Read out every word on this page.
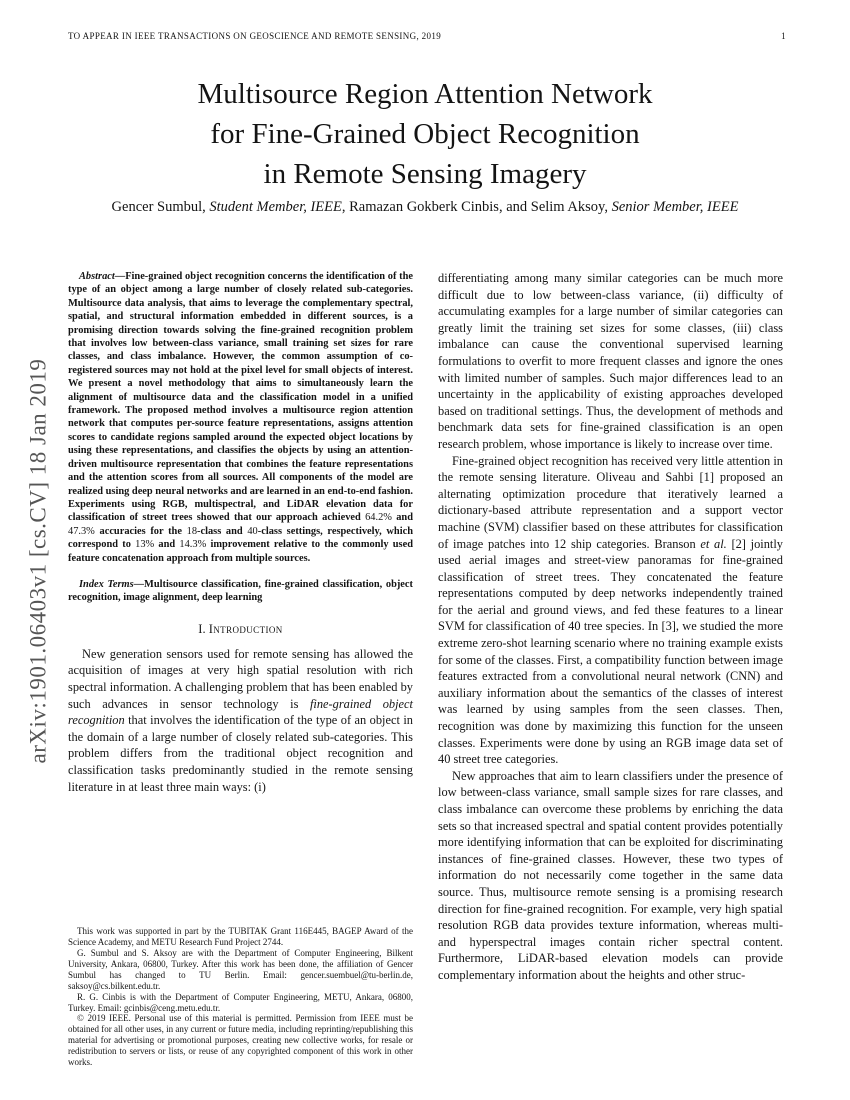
TO APPEAR IN IEEE TRANSACTIONS ON GEOSCIENCE AND REMOTE SENSING, 2019	1
arXiv:1901.06403v1 [cs.CV] 18 Jan 2019
Multisource Region Attention Network
for Fine-Grained Object Recognition
in Remote Sensing Imagery
Gencer Sumbul, Student Member, IEEE, Ramazan Gokberk Cinbis, and Selim Aksoy, Senior Member, IEEE

Abstract—Fine-grained object recognition concerns the identification of the type of an object among a large number of closely related sub-categories. Multisource data analysis, that aims to leverage the complementary spectral, spatial, and structural information embedded in different sources, is a promising direction towards solving the fine-grained recognition problem that involves low between-class variance, small training set sizes for rare classes, and class imbalance. However, the common assumption of co-registered sources may not hold at the pixel level for small objects of interest. We present a novel methodology that aims to simultaneously learn the alignment of multisource data and the classification model in a unified framework. The proposed method involves a multisource region attention network that computes per-source feature representations, assigns attention scores to candidate regions sampled around the expected object locations by using these representations, and classifies the objects by using an attention-driven multisource representation that combines the feature representations and the attention scores from all sources. All components of the model are realized using deep neural networks and are learned in an end-to-end fashion. Experiments using RGB, multispectral, and LiDAR elevation data for classification of street trees showed that our approach achieved 64.2% and 47.3% accuracies for the 18-class and 40-class settings, respectively, which correspond to 13% and 14.3% improvement relative to the commonly used feature concatenation approach from multiple sources.

Index Terms—Multisource classification, fine-grained classification, object recognition, image alignment, deep learning

I. Introduction

New generation sensors used for remote sensing has allowed the acquisition of images at very high spatial resolution with rich spectral information. A challenging problem that has been enabled by such advances in sensor technology is fine-grained object recognition that involves the identification of the type of an object in the domain of a large number of closely related sub-categories. This problem differs from the traditional object recognition and classification tasks predominantly studied in the remote sensing literature in at least three main ways: (i)

This work was supported in part by the TUBITAK Grant 116E445, BAGEP Award of the Science Academy, and METU Research Fund Project 2744.

G. Sumbul and S. Aksoy are with the Department of Computer Engineering, Bilkent University, Ankara, 06800, Turkey. After this work has been done, the affiliation of Gencer Sumbul has changed to TU Berlin. Email: gencer.suembuel@tu-berlin.de, saksoy@cs.bilkent.edu.tr.

R. G. Cinbis is with the Department of Computer Engineering, METU, Ankara, 06800, Turkey. Email: gcinbis@ceng.metu.edu.tr.

© 2019 IEEE. Personal use of this material is permitted. Permission from IEEE must be obtained for all other uses, in any current or future media, including reprinting/republishing this material for advertising or promotional purposes, creating new collective works, for resale or redistribution to servers or lists, or reuse of any copyrighted component of this work in other works.

differentiating among many similar categories can be much more difficult due to low between-class variance, (ii) difficulty of accumulating examples for a large number of similar categories can greatly limit the training set sizes for some classes, (iii) class imbalance can cause the conventional supervised learning formulations to overfit to more frequent classes and ignore the ones with limited number of samples. Such major differences lead to an uncertainty in the applicability of existing approaches developed based on traditional settings. Thus, the development of methods and benchmark data sets for fine-grained classification is an open research problem, whose importance is likely to increase over time.

Fine-grained object recognition has received very little attention in the remote sensing literature. Oliveau and Sahbi [1] proposed an alternating optimization procedure that iteratively learned a dictionary-based attribute representation and a support vector machine (SVM) classifier based on these attributes for classification of image patches into 12 ship categories. Branson et al. [2] jointly used aerial images and street-view panoramas for fine-grained classification of street trees. They concatenated the feature representations computed by deep networks independently trained for the aerial and ground views, and fed these features to a linear SVM for classification of 40 tree species. In [3], we studied the more extreme zero-shot learning scenario where no training example exists for some of the classes. First, a compatibility function between image features extracted from a convolutional neural network (CNN) and auxiliary information about the semantics of the classes of interest was learned by using samples from the seen classes. Then, recognition was done by maximizing this function for the unseen classes. Experiments were done by using an RGB image data set of 40 street tree categories.

New approaches that aim to learn classifiers under the presence of low between-class variance, small sample sizes for rare classes, and class imbalance can overcome these problems by enriching the data sets so that increased spectral and spatial content provides potentially more identifying information that can be exploited for discriminating instances of fine-grained classes. However, these two types of information do not necessarily come together in the same data source. Thus, multisource remote sensing is a promising research direction for fine-grained recognition. For example, very high spatial resolution RGB data provides texture information, whereas multi- and hyperspectral images contain richer spectral content. Furthermore, LiDAR-based elevation models can provide complementary information about the heights and other struc-
